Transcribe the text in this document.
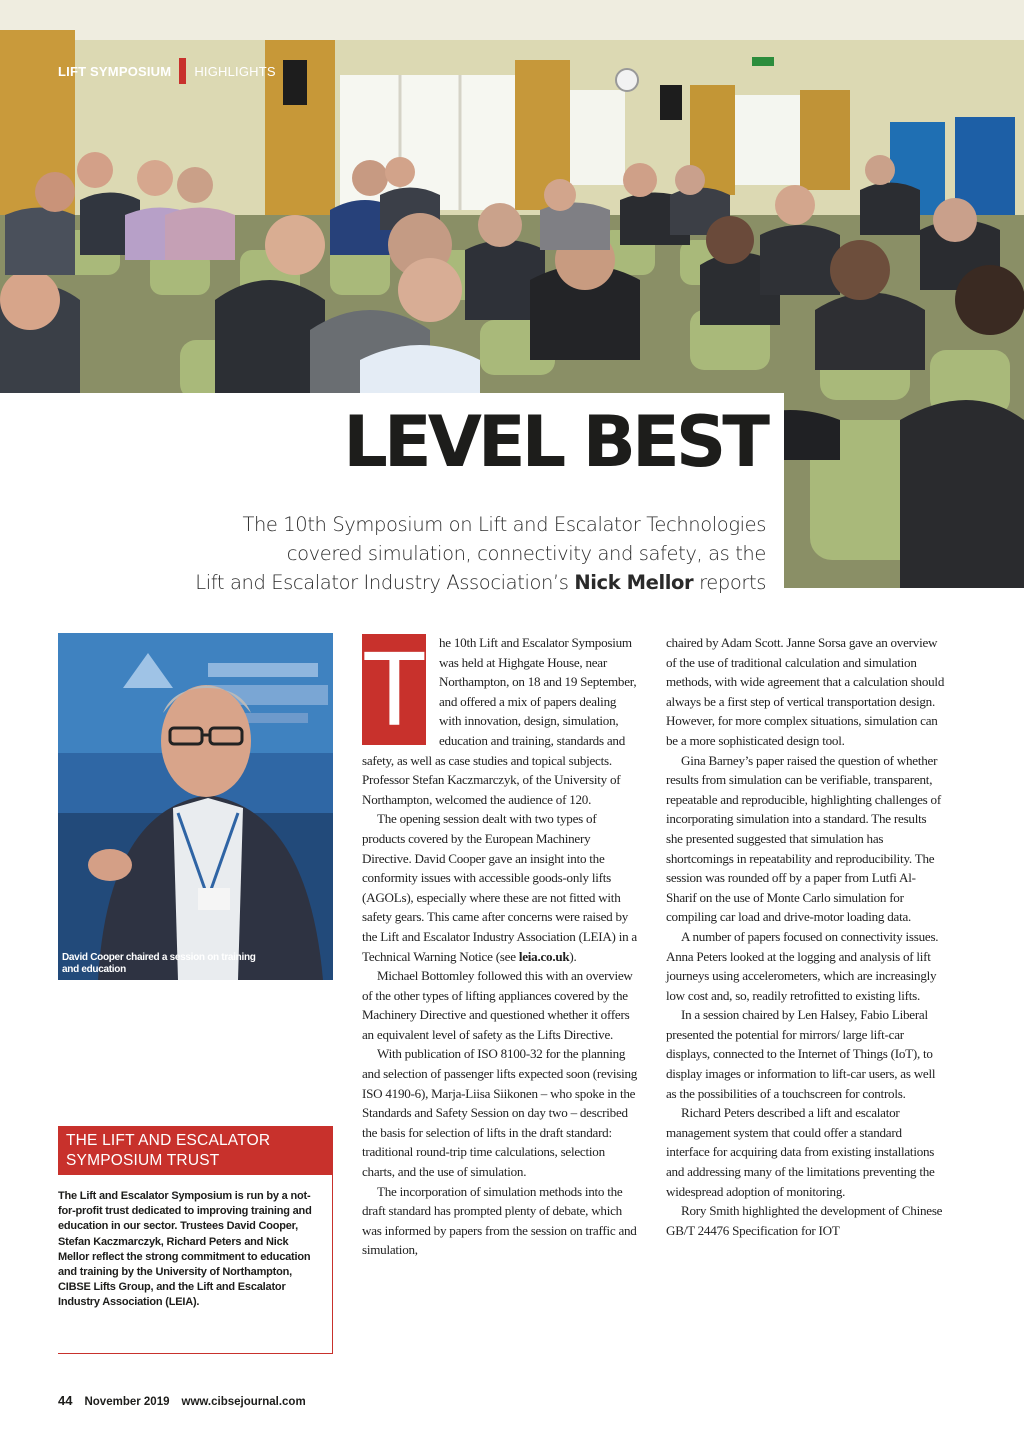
LIFT SYMPOSIUM HIGHLIGHTS
LEVEL BEST
The 10th Symposium on Lift and Escalator Technologies
covered simulation, connectivity and safety, as the
Lift and Escalator Industry Association’s Nick Mellor reports
David Cooper chaired a session on training and education
THE LIFT AND ESCALATOR SYMPOSIUM TRUST
The Lift and Escalator Symposium is run by a not-for-profit trust dedicated to improving training and education in our sector. Trustees David Cooper, Stefan Kaczmarczyk, Richard Peters and Nick Mellor reflect the strong commitment to education and training by the University of Northampton, CIBSE Lifts Group, and the Lift and Escalator Industry Association (LEIA).

T he 10th Lift and Escalator Symposium was held at Highgate House, near Northampton, on 18 and 19 September, and offered a mix of papers dealing with innovation, design, simulation, education and training, standards and safety, as well as case studies and topical subjects. Professor Stefan Kaczmarczyk, of the University of Northampton, welcomed the audience of 120.

The opening session dealt with two types of products covered by the European Machinery Directive. David Cooper gave an insight into the conformity issues with accessible goods-only lifts (AGOLs), especially where these are not fitted with safety gears. This came after concerns were raised by the Lift and Escalator Industry Association (LEIA) in a Technical Warning Notice (see leia.co.uk).

Michael Bottomley followed this with an overview of the other types of lifting appliances covered by the Machinery Directive and questioned whether it offers an equivalent level of safety as the Lifts Directive.

With publication of ISO 8100-32 for the planning and selection of passenger lifts expected soon (revising ISO 4190-6), Marja-Liisa Siikonen – who spoke in the Standards and Safety Session on day two – described the basis for selection of lifts in the draft standard: traditional round-trip time calculations, selection charts, and the use of simulation.

The incorporation of simulation methods into the draft standard has prompted plenty of debate, which was informed by papers from the session on traffic and simulation,

chaired by Adam Scott. Janne Sorsa gave an overview of the use of traditional calculation and simulation methods, with wide agreement that a calculation should always be a first step of vertical transportation design. However, for more complex situations, simulation can be a more sophisticated design tool.

Gina Barney’s paper raised the question of whether results from simulation can be verifiable, transparent, repeatable and reproducible, highlighting challenges of incorporating simulation into a standard. The results she presented suggested that simulation has shortcomings in repeatability and reproducibility. The session was rounded off by a paper from Lutfi Al-Sharif on the use of Monte Carlo simulation for compiling car load and drive-motor loading data.

A number of papers focused on connectivity issues. Anna Peters looked at the logging and analysis of lift journeys using accelerometers, which are increasingly low cost and, so, readily retrofitted to existing lifts.

In a session chaired by Len Halsey, Fabio Liberal presented the potential for mirrors/ large lift-car displays, connected to the Internet of Things (IoT), to display images or information to lift-car users, as well as the possibilities of a touchscreen for controls.

Richard Peters described a lift and escalator management system that could offer a standard interface for acquiring data from existing installations and addressing many of the limitations preventing the widespread adoption of monitoring.

Rory Smith highlighted the development of Chinese GB/T 24476 Specification for IOT

44 November 2019 www.cibsejournal.com
